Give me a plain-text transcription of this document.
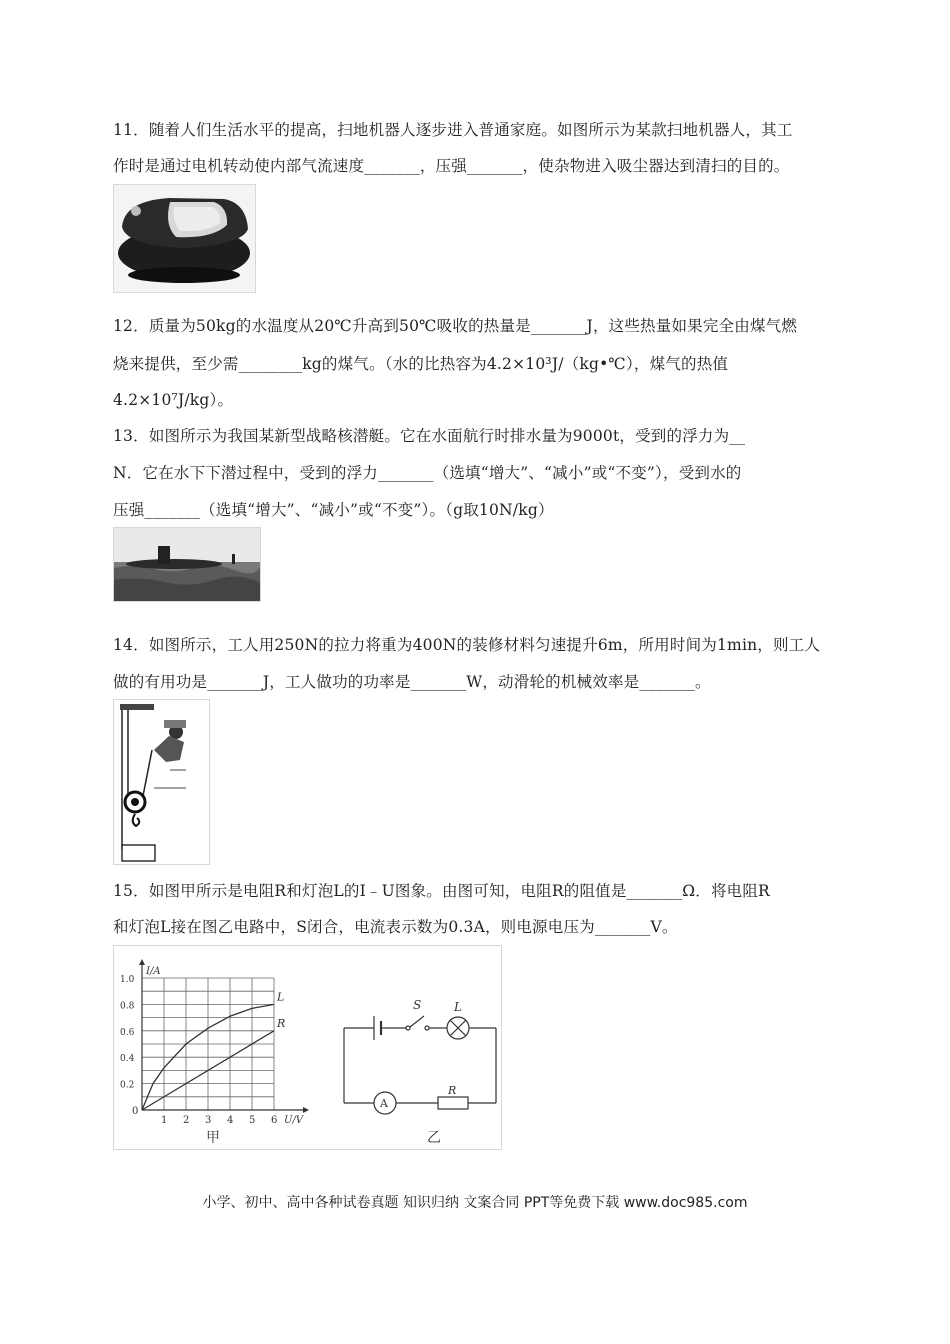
11．随着人们生活水平的提高，扫地机器人逐步进入普通家庭。如图所示为某款扫地机器人，其工
作时是通过电机转动使内部气流速度_______，压强_______，使杂物进入吸尘器达到清扫的目的。
12．质量为50kg的水温度从20℃升高到50℃吸收的热量是_______J，这些热量如果完全由煤气燃
烧来提供，至少需________kg的煤气。（水的比热容为4.2×10³J/（kg•℃），煤气的热值
4.2×10⁷J/kg）。
13．如图所示为我国某新型战略核潜艇。它在水面航行时排水量为9000t，受到的浮力为__
N．它在水下下潜过程中，受到的浮力_______（选填“增大”、“减小”或“不变”），受到水的
压强_______（选填“增大”、“减小”或“不变”）。（g取10N/kg）
14．如图所示，工人用250N的拉力将重为400N的装修材料匀速提升6m，所用时间为1min，则工人
做的有用功是_______J，工人做功的功率是_______W，动滑轮的机械效率是_______。
15．如图甲所示是电阻R和灯泡L的I﹣U图象。由图可知，电阻R的阻值是_______Ω．将电阻R
和灯泡L接在图乙电路中，S闭合，电流表示数为0.3A，则电源电压为_______V。
L
R
1 2 3 4 5 6
0.2
0.4
0.6
0.8
1.0
I/A
U/V
0
甲
S	L
A
R
乙
小学、初中、高中各种试卷真题 知识归纳 文案合同 PPT等免费下载 www.doc985.com
